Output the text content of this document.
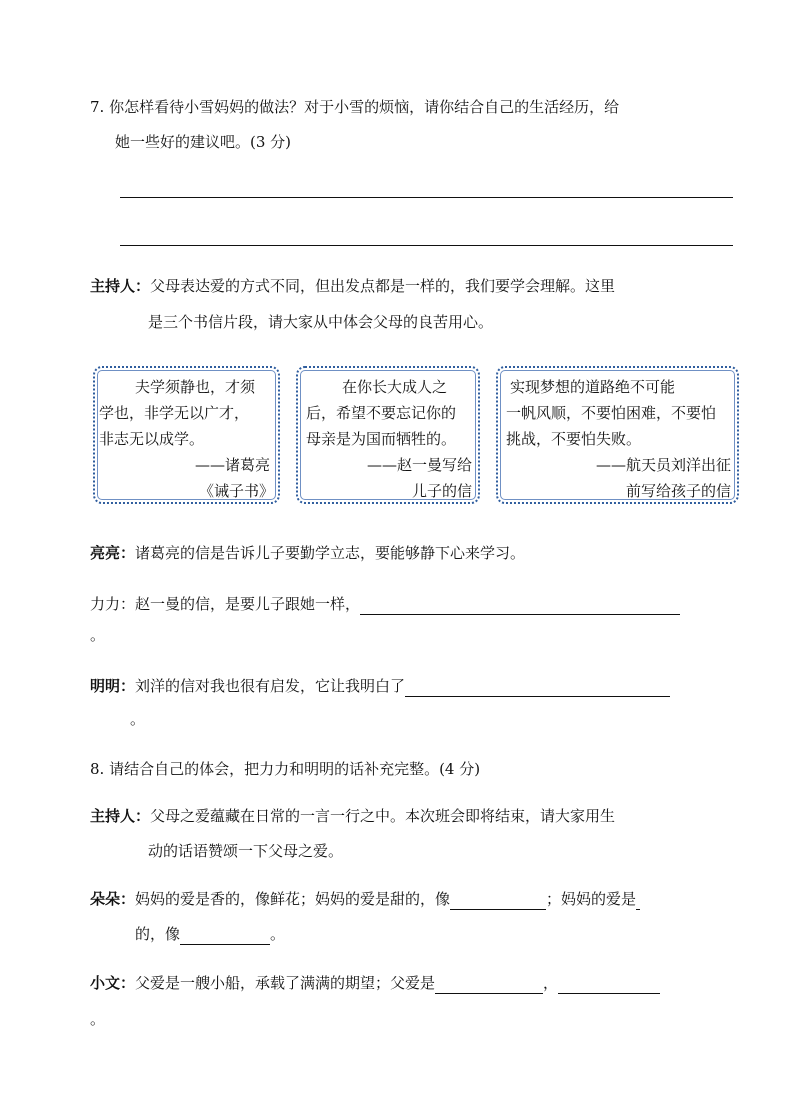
7. 你怎样看待小雪妈妈的做法？对于小雪的烦恼，请你结合自己的生活经历，给
她一些好的建议吧。(3 分)
主持人：父母表达爱的方式不同，但出发点都是一样的，我们要学会理解。这里
是三个书信片段，请大家从中体会父母的良苦用心。
夫学须静也，才须
学也，非学无以广才，
非志无以成学。
——诸葛亮
《诫子书》
在你长大成人之
后，希望不要忘记你的
母亲是为国而牺牲的。
——赵一曼写给
儿子的信
实现梦想的道路绝不可能
一帆风顺，不要怕困难，不要怕
挑战，不要怕失败。
——航天员刘洋出征
前写给孩子的信
亮亮：诸葛亮的信是告诉儿子要勤学立志，要能够静下心来学习。
力力：赵一曼的信，是要儿子跟她一样，
。
明明：刘洋的信对我也很有启发，它让我明白了
。
8. 请结合自己的体会，把力力和明明的话补充完整。(4 分)
主持人：父母之爱蕴藏在日常的一言一行之中。本次班会即将结束，请大家用生
动的话语赞颂一下父母之爱。
朵朵：妈妈的爱是香的，像鲜花；妈妈的爱是甜的，像	；妈妈的爱是
的，像	。
小文：父爱是一艘小船，承载了满满的期望；父爱是	，
。
